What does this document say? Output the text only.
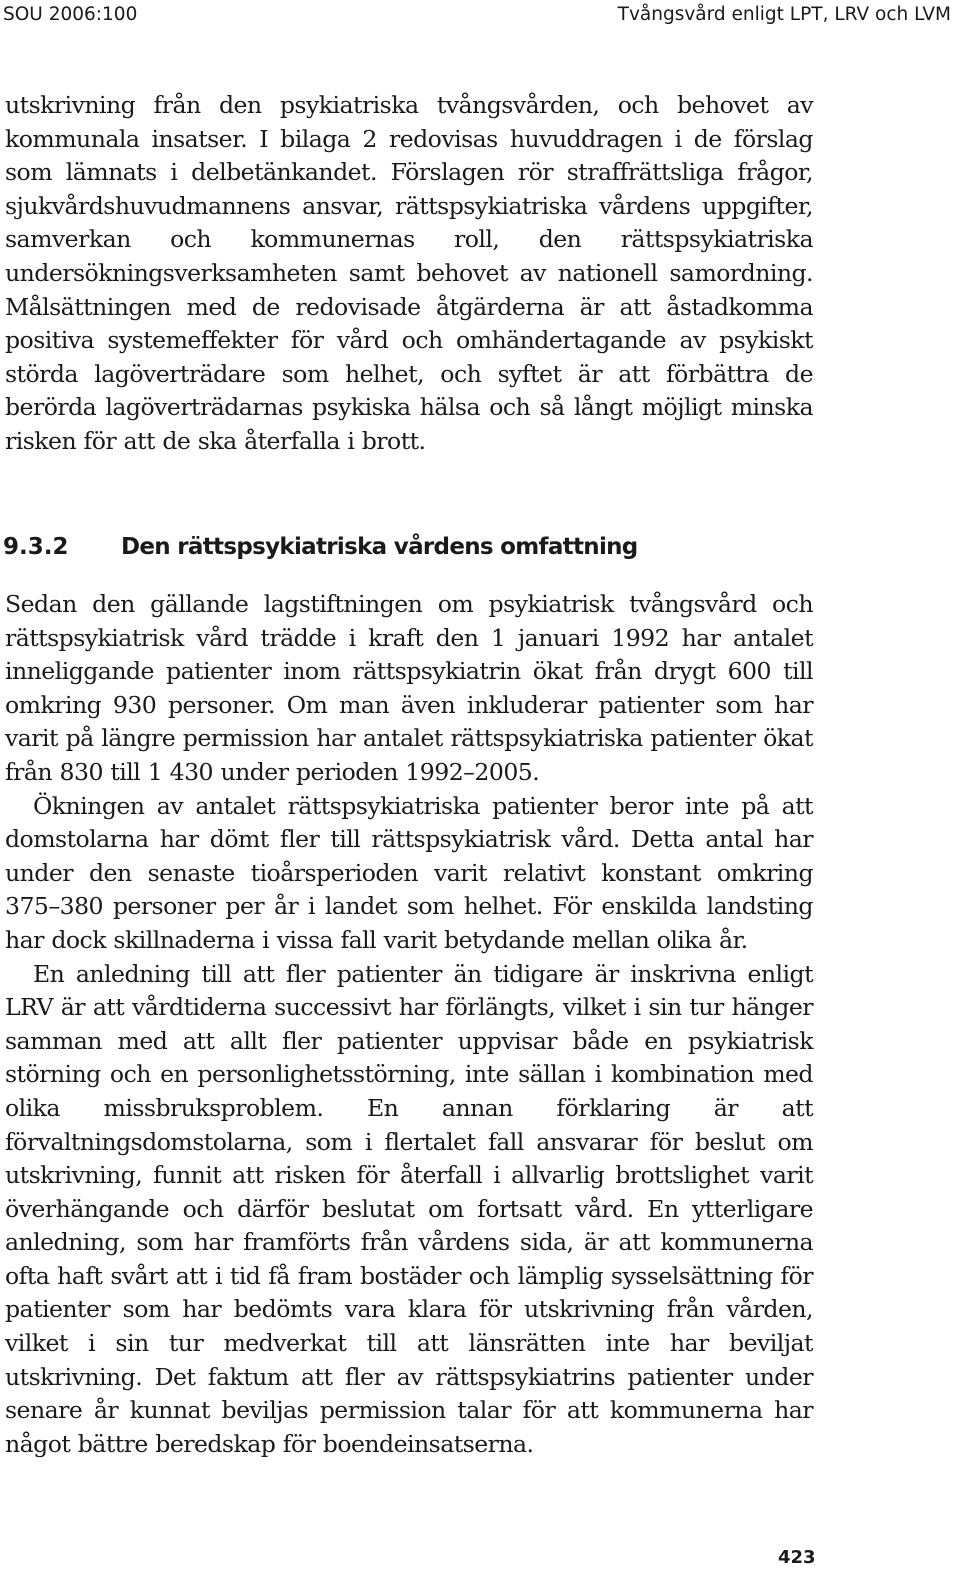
SOU 2006:100	Tvångsvård enligt LPT, LRV och LVM

utskrivning från den psykiatriska tvångsvården, och behovet av kommunala insatser. I bilaga 2 redovisas huvuddragen i de förslag som lämnats i delbetänkandet. Förslagen rör straffrättsliga frågor, sjukvårdshuvudmannens ansvar, rättspsykiatriska vårdens uppgifter, samverkan och kommunernas roll, den rättspsykiatriska undersökningsverksamheten samt behovet av nationell samordning. Målsättningen med de redovisade åtgärderna är att åstadkomma positiva systemeffekter för vård och omhändertagande av psykiskt störda lagöverträdare som helhet, och syftet är att förbättra de berörda lagöverträdarnas psykiska hälsa och så långt möjligt minska risken för att de ska återfalla i brott.

9.3.2	Den rättspsykiatriska vårdens omfattning

Sedan den gällande lagstiftningen om psykiatrisk tvångsvård och rättspsykiatrisk vård trädde i kraft den 1 januari 1992 har antalet inneliggande patienter inom rättspsykiatrin ökat från drygt 600 till omkring 930 personer. Om man även inkluderar patienter som har varit på längre permission har antalet rättspsykiatriska patienter ökat från 830 till 1 430 under perioden 1992–2005.

Ökningen av antalet rättspsykiatriska patienter beror inte på att domstolarna har dömt fler till rättspsykiatrisk vård. Detta antal har under den senaste tioårsperioden varit relativt konstant omkring 375–380 personer per år i landet som helhet. För enskilda landsting har dock skillnaderna i vissa fall varit betydande mellan olika år.

En anledning till att fler patienter än tidigare är inskrivna enligt LRV är att vårdtiderna successivt har förlängts, vilket i sin tur hänger samman med att allt fler patienter uppvisar både en psykiatrisk störning och en personlighetsstörning, inte sällan i kombination med olika missbruksproblem. En annan förklaring är att förvaltningsdomstolarna, som i flertalet fall ansvarar för beslut om utskrivning, funnit att risken för återfall i allvarlig brottslighet varit överhängande och därför beslutat om fortsatt vård. En ytterligare anledning, som har framförts från vårdens sida, är att kommunerna ofta haft svårt att i tid få fram bostäder och lämplig sysselsättning för patienter som har bedömts vara klara för utskrivning från vården, vilket i sin tur medverkat till att länsrätten inte har beviljat utskrivning. Det faktum att fler av rättspsykiatrins patienter under senare år kunnat beviljas permission talar för att kommunerna har något bättre beredskap för boendeinsatserna.

423
